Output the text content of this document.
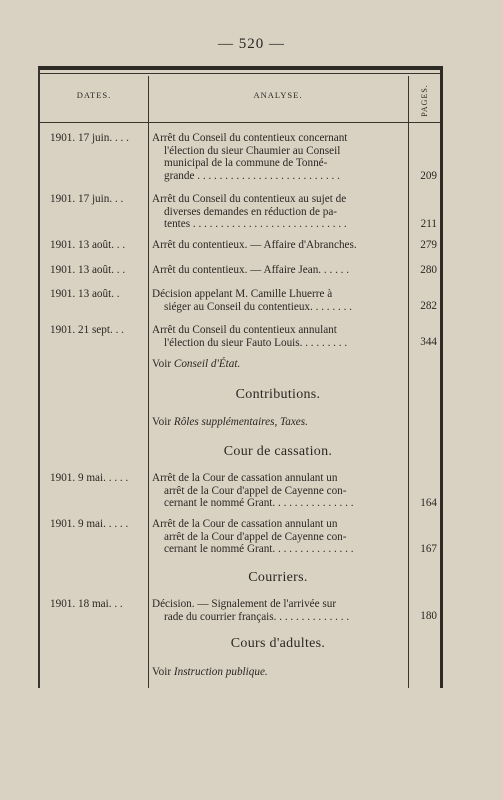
— 520 —
DATES.	ANALYSE.	PAGES.
1901. 17 juin. . . .	Arrêt du Conseil du contentieux concernant
l'élection du sieur Chaumier au Conseil
municipal de la commune de Tonné-
grande . . . . . . . . . . . . . . . . . . . . . . . . . .	209
1901. 17 juin. . .	Arrêt du Conseil du contentieux au sujet de
diverses demandes en réduction de pa-
tentes . . . . . . . . . . . . . . . . . . . . . . . . . . . .	211
1901. 13 août. . .	Arrêt du contentieux. — Affaire d'Abranches.	279
1901. 13 août. . .	Arrêt du contentieux. — Affaire Jean. . . . . .	280
1901. 13 août. .	Décision appelant M. Camille Lhuerre à
siéger au Conseil du contentieux. . . . . . . .	282
1901. 21 sept. . .	Arrêt du Conseil du contentieux annulant
l'élection du sieur Fauto Louis. . . . . . . . .	344
Voir Conseil d'État.
Contributions.
Voir Rôles supplémentaires, Taxes.
Cour de cassation.
1901. 9 mai. . . . .	Arrêt de la Cour de cassation annulant un
arrêt de la Cour d'appel de Cayenne con-
cernant le nommé Grant. . . . . . . . . . . . . . .	164
1901. 9 mai. . . . .	Arrêt de la Cour de cassation annulant un
arrêt de la Cour d'appel de Cayenne con-
cernant le nommé Grant. . . . . . . . . . . . . . .	167
Courriers.
1901. 18 mai. . .	Décision. — Signalement de l'arrivée sur
rade du courrier français. . . . . . . . . . . . . .	180
Cours d'adultes.
Voir Instruction publique.
